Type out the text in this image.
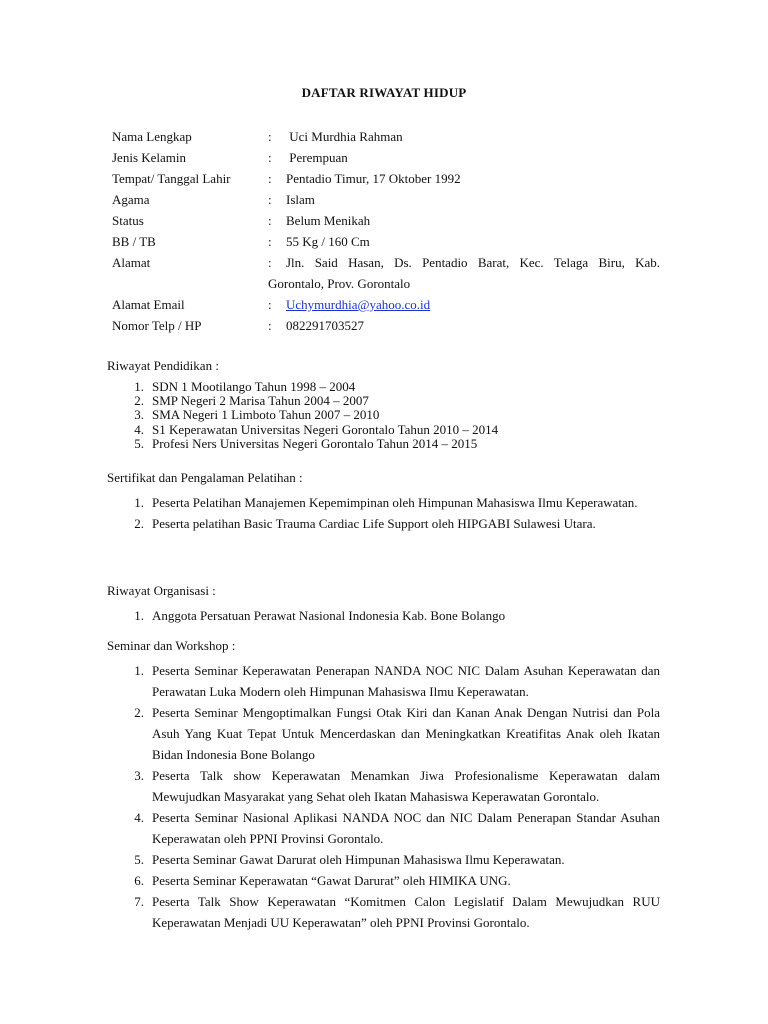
DAFTAR RIWAYAT HIDUP
Nama Lengkap	:	Uci Murdhia Rahman
Jenis Kelamin	:	Perempuan
Tempat/ Tanggal Lahir	:	Pentadio Timur, 17 Oktober 1992
Agama	:	Islam
Status	:	Belum Menikah
BB / TB	:	55 Kg / 160 Cm
Alamat	:	Jln. Said Hasan, Ds. Pentadio Barat, Kec. Telaga Biru, Kab.
Gorontalo, Prov. Gorontalo
Alamat Email	:	Uchymurdhia@yahoo.co.id
Nomor Telp / HP	:	082291703527
Riwayat Pendidikan :
1. SDN 1 Mootilango Tahun 1998 – 2004
2. SMP Negeri 2 Marisa Tahun 2004 – 2007
3. SMA Negeri 1 Limboto Tahun 2007 – 2010
4. S1 Keperawatan Universitas Negeri Gorontalo Tahun 2010 – 2014
5. Profesi Ners Universitas Negeri Gorontalo Tahun 2014 – 2015
Sertifikat dan Pengalaman Pelatihan :
1. Peserta Pelatihan Manajemen Kepemimpinan oleh Himpunan Mahasiswa Ilmu Keperawatan.
2. Peserta pelatihan Basic Trauma Cardiac Life Support oleh HIPGABI Sulawesi Utara.
Riwayat Organisasi :
1. Anggota Persatuan Perawat Nasional Indonesia Kab. Bone Bolango
Seminar dan Workshop :
1. Peserta Seminar Keperawatan Penerapan NANDA NOC NIC Dalam Asuhan Keperawatan dan Perawatan Luka Modern oleh Himpunan Mahasiswa Ilmu Keperawatan.
2. Peserta Seminar Mengoptimalkan Fungsi Otak Kiri dan Kanan Anak Dengan Nutrisi dan Pola Asuh Yang Kuat Tepat Untuk Mencerdaskan dan Meningkatkan Kreatifitas Anak oleh Ikatan Bidan Indonesia Bone Bolango
3. Peserta Talk show Keperawatan Menamkan Jiwa Profesionalisme Keperawatan dalam Mewujudkan Masyarakat yang Sehat oleh Ikatan Mahasiswa Keperawatan Gorontalo.
4. Peserta Seminar Nasional Aplikasi NANDA NOC dan NIC Dalam Penerapan Standar Asuhan Keperawatan oleh PPNI Provinsi Gorontalo.
5. Peserta Seminar Gawat Darurat oleh Himpunan Mahasiswa Ilmu Keperawatan.
6. Peserta Seminar Keperawatan “Gawat Darurat” oleh HIMIKA UNG.
7. Peserta Talk Show Keperawatan “Komitmen Calon Legislatif Dalam Mewujudkan RUU Keperawatan Menjadi UU Keperawatan” oleh PPNI Provinsi Gorontalo.
